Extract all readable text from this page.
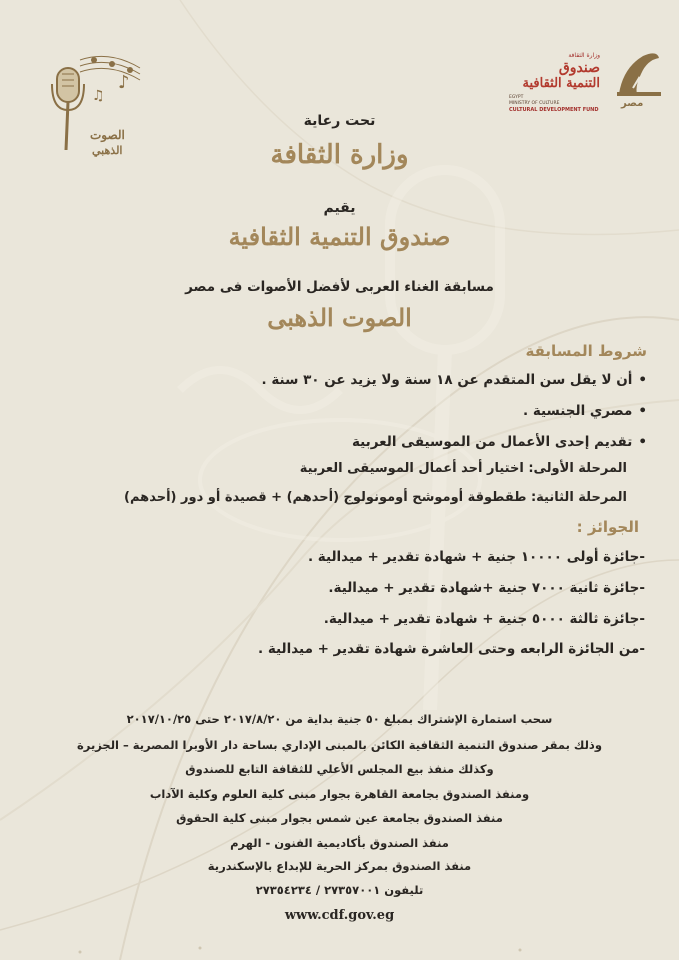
♪
♫
الصوت
الذهبي
وزارة الثقافة
صندوق
التنمية الثقافية
EGYPT
MINISTRY OF CULTURE
CULTURAL DEVELOPMENT FUND
مصر
تحت رعاية
وزارة الثقافة
يقيم
صندوق التنمية الثقافية
مسابقة الغناء العربى لأفضل الأصوات فى مصر
الصوت الذهبى
شروط المسابقة
• أن لا يقل سن المتقدم عن ١٨ سنة ولا يزيد عن ٣٠ سنة .
• مصري الجنسية .
• تقديم إحدى الأعمال من الموسيقى العربية
المرحلة الأولى: اختيار أحد أعمال الموسيقى العربية
المرحلة الثانية: طقطوقة أوموشح أومونولوج (أحدهم) + قصيدة أو دور (أحدهم)
الجوائز :
-جائزة أولى ١٠٠٠٠ جنية + شهادة تقدير + ميدالية .
-جائزة ثانية ٧٠٠٠ جنية +شهادة تقدير + ميدالية.
-جائزة ثالثة ٥٠٠٠ جنية + شهادة تقدير + ميدالية.
-من الجائزة الرابعه وحتى العاشرة شهادة تقدير + ميدالية .
سحب استمارة الإشتراك بمبلغ ٥٠ جنية بداية من ٢٠١٧/٨/٢٠ حتى ٢٠١٧/١٠/٢٥
وذلك بمقر صندوق التنمية الثقافية الكائن بالمبنى الإداري بساحة دار الأوبرا المصرية – الجزيرة
وكذلك منفذ بيع المجلس الأعلي للثقافة التابع للصندوق
ومنفذ الصندوق بجامعة القاهرة بجوار مبنى كلية العلوم وكلية الآداب
منفذ الصندوق بجامعة عين شمس بجوار مبنى كلية الحقوق
منفذ الصندوق بأكاديمية الفنون - الهرم
منفذ الصندوق بمركز الحرية للإبداع بالإسكندرية
تليفون ٢٧٣٥٧٠٠١ / ٢٧٣٥٤٢٣٤
www.cdf.gov.eg
